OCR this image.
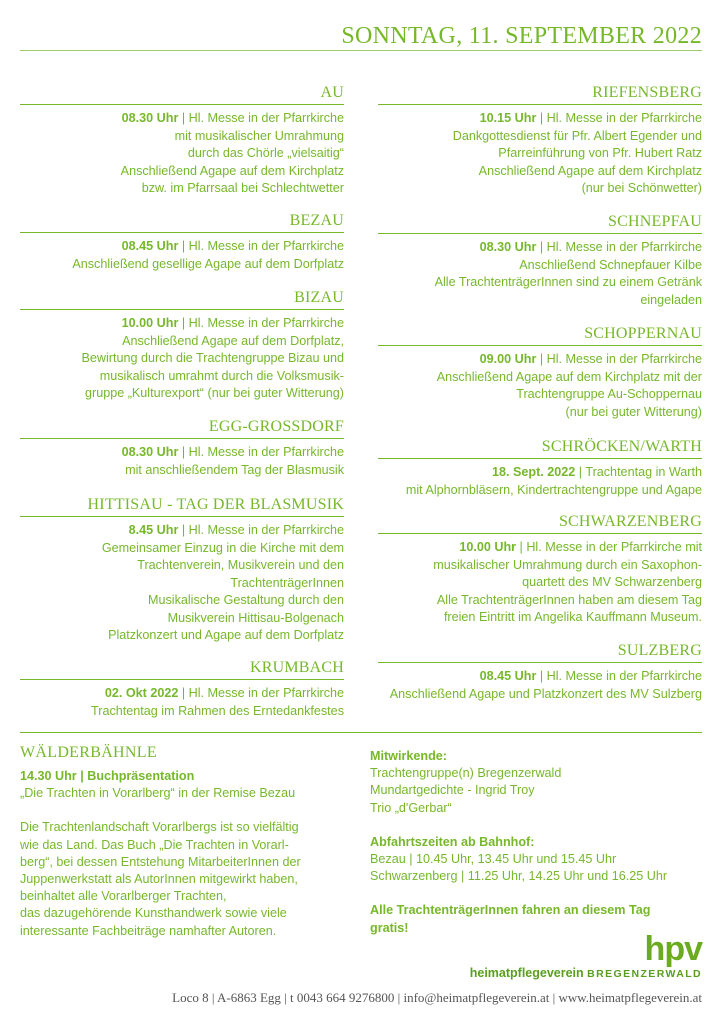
SONNTAG, 11. SEPTEMBER 2022
AU
08.30 Uhr | Hl. Messe in der Pfarrkirche
mit musikalischer Umrahmung
durch das Chörle „vielsaitig“
Anschließend Agape auf dem Kirchplatz
bzw. im Pfarrsaal bei Schlechtwetter
BEZAU
08.45 Uhr | Hl. Messe in der Pfarrkirche
Anschließend gesellige Agape auf dem Dorfplatz
BIZAU
10.00 Uhr | Hl. Messe in der Pfarrkirche
Anschließend Agape auf dem Dorfplatz,
Bewirtung durch die Trachtengruppe Bizau und
musikalisch umrahmt durch die Volksmusik-
gruppe „Kulturexport“ (nur bei guter Witterung)
EGG-GROSSDORF
08.30 Uhr | Hl. Messe in der Pfarrkirche
mit anschließendem Tag der Blasmusik
HITTISAU - TAG DER BLASMUSIK
8.45 Uhr | Hl. Messe in der Pfarrkirche
Gemeinsamer Einzug in die Kirche mit dem
Trachtenverein, Musikverein und den
TrachtenträgerInnen
Musikalische Gestaltung durch den
Musikverein Hittisau-Bolgenach
Platzkonzert und Agape auf dem Dorfplatz
KRUMBACH
02. Okt 2022 | Hl. Messe in der Pfarrkirche
Trachtentag im Rahmen des Erntedankfestes
RIEFENSBERG
10.15 Uhr | Hl. Messe in der Pfarrkirche
Dankgottesdienst für Pfr. Albert Egender und
Pfarreinführung von Pfr. Hubert Ratz
Anschließend Agape auf dem Kirchplatz
(nur bei Schönwetter)
SCHNEPFAU
08.30 Uhr | Hl. Messe in der Pfarrkirche
Anschließend Schnepfauer Kilbe
Alle TrachtenträgerInnen sind zu einem Getränk
eingeladen
SCHOPPERNAU
09.00 Uhr | Hl. Messe in der Pfarrkirche
Anschließend Agape auf dem Kirchplatz mit der
Trachtengruppe Au-Schoppernau
(nur bei guter Witterung)
SCHRÖCKEN/WARTH
18. Sept. 2022 | Trachtentag in Warth
mit Alphornbläsern, Kindertrachtengruppe und Agape
SCHWARZENBERG
10.00 Uhr | Hl. Messe in der Pfarrkirche mit
musikalischer Umrahmung durch ein Saxophon-
quartett des MV Schwarzenberg
Alle TrachtenträgerInnen haben am diesem Tag
freien Eintritt im Angelika Kauffmann Museum.
SULZBERG
08.45 Uhr | Hl. Messe in der Pfarrkirche
Anschließend Agape und Platzkonzert des MV Sulzberg
WÄLDERBÄHNLE
14.30 Uhr | Buchpräsentation
„Die Trachten in Vorarlberg“ in der Remise Bezau
Die Trachtenlandschaft Vorarlbergs ist so vielfältig
wie das Land. Das Buch „Die Trachten in Vorarl-
berg“, bei dessen Entstehung MitarbeiterInnen der
Juppenwerkstatt als AutorInnen mitgewirkt haben,
beinhaltet alle Vorarlberger Trachten,
das dazugehörende Kunsthandwerk sowie viele
interessante Fachbeiträge namhafter Autoren.
Mitwirkende:
Trachtengruppe(n) Bregenzerwald
Mundartgedichte - Ingrid Troy
Trio „d'Gerbar“
Abfahrtszeiten ab Bahnhof:
Bezau | 10.45 Uhr, 13.45 Uhr und 15.45 Uhr
Schwarzenberg | 11.25 Uhr, 14.25 Uhr und 16.25 Uhr
Alle TrachtenträgerInnen fahren an diesem Tag
gratis!
hpv
heimatpflegeverein BREGENZERWALD
Loco 8 | A-6863 Egg | t 0043 664 9276800 | info@heimatpflegeverein.at | www.heimatpflegeverein.at
